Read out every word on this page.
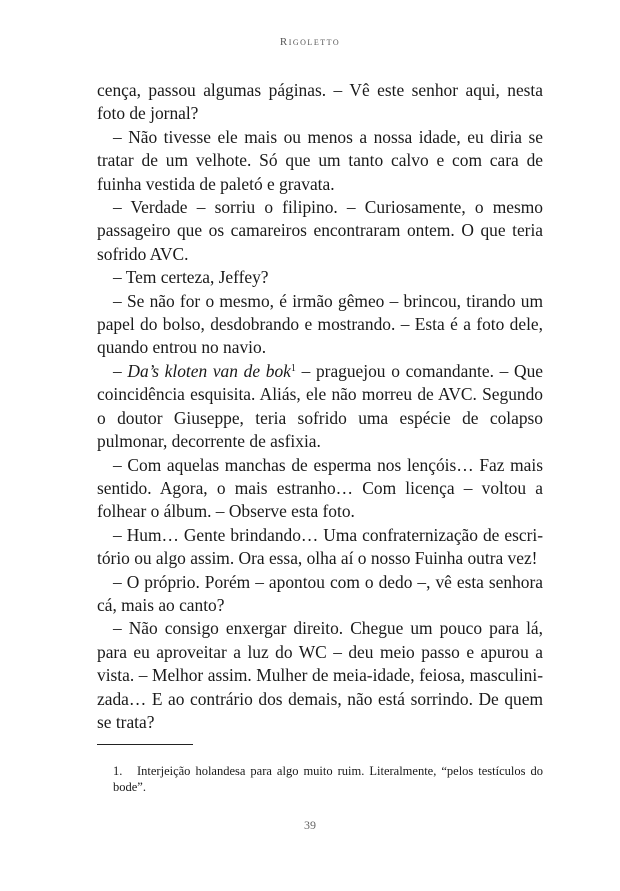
Rigoletto

cença, passou algumas páginas. – Vê este senhor aqui, nesta foto de jornal?

– Não tivesse ele mais ou menos a nossa idade, eu diria se tratar de um velhote. Só que um tanto calvo e com cara de fuinha vestida de paletó e gravata.

– Verdade – sorriu o filipino. – Curiosamente, o mesmo passageiro que os camareiros encontraram ontem. O que teria sofrido AVC.

– Tem certeza, Jeffey?

– Se não for o mesmo, é irmão gêmeo – brincou, tirando um papel do bolso, desdobrando e mostrando. – Esta é a foto dele, quando entrou no navio.

– Da’s kloten van de bok$^1$ – praguejou o comandante. – Que coincidência esquisita. Aliás, ele não morreu de AVC. Segundo o doutor Giuseppe, teria sofrido uma espécie de colapso pulmonar, decorrente de asfixia.

– Com aquelas manchas de esperma nos lençóis… Faz mais sentido. Agora, o mais estranho… Com licença – voltou a folhear o álbum. – Observe esta foto.

– Hum… Gente brindando… Uma confraternização de escritório ou algo assim. Ora essa, olha aí o nosso Fuinha outra vez!

– O próprio. Porém – apontou com o dedo –, vê esta senhora cá, mais ao canto?

– Não consigo enxergar direito. Chegue um pouco para lá, para eu aproveitar a luz do WC – deu meio passo e apurou a vista. – Melhor assim. Mulher de meia-idade, feiosa, masculinizada… E ao contrário dos demais, não está sorrindo. De quem se trata?

1. Interjeição holandesa para algo muito ruim. Literalmente, “pelos testículos do bode”.
39
